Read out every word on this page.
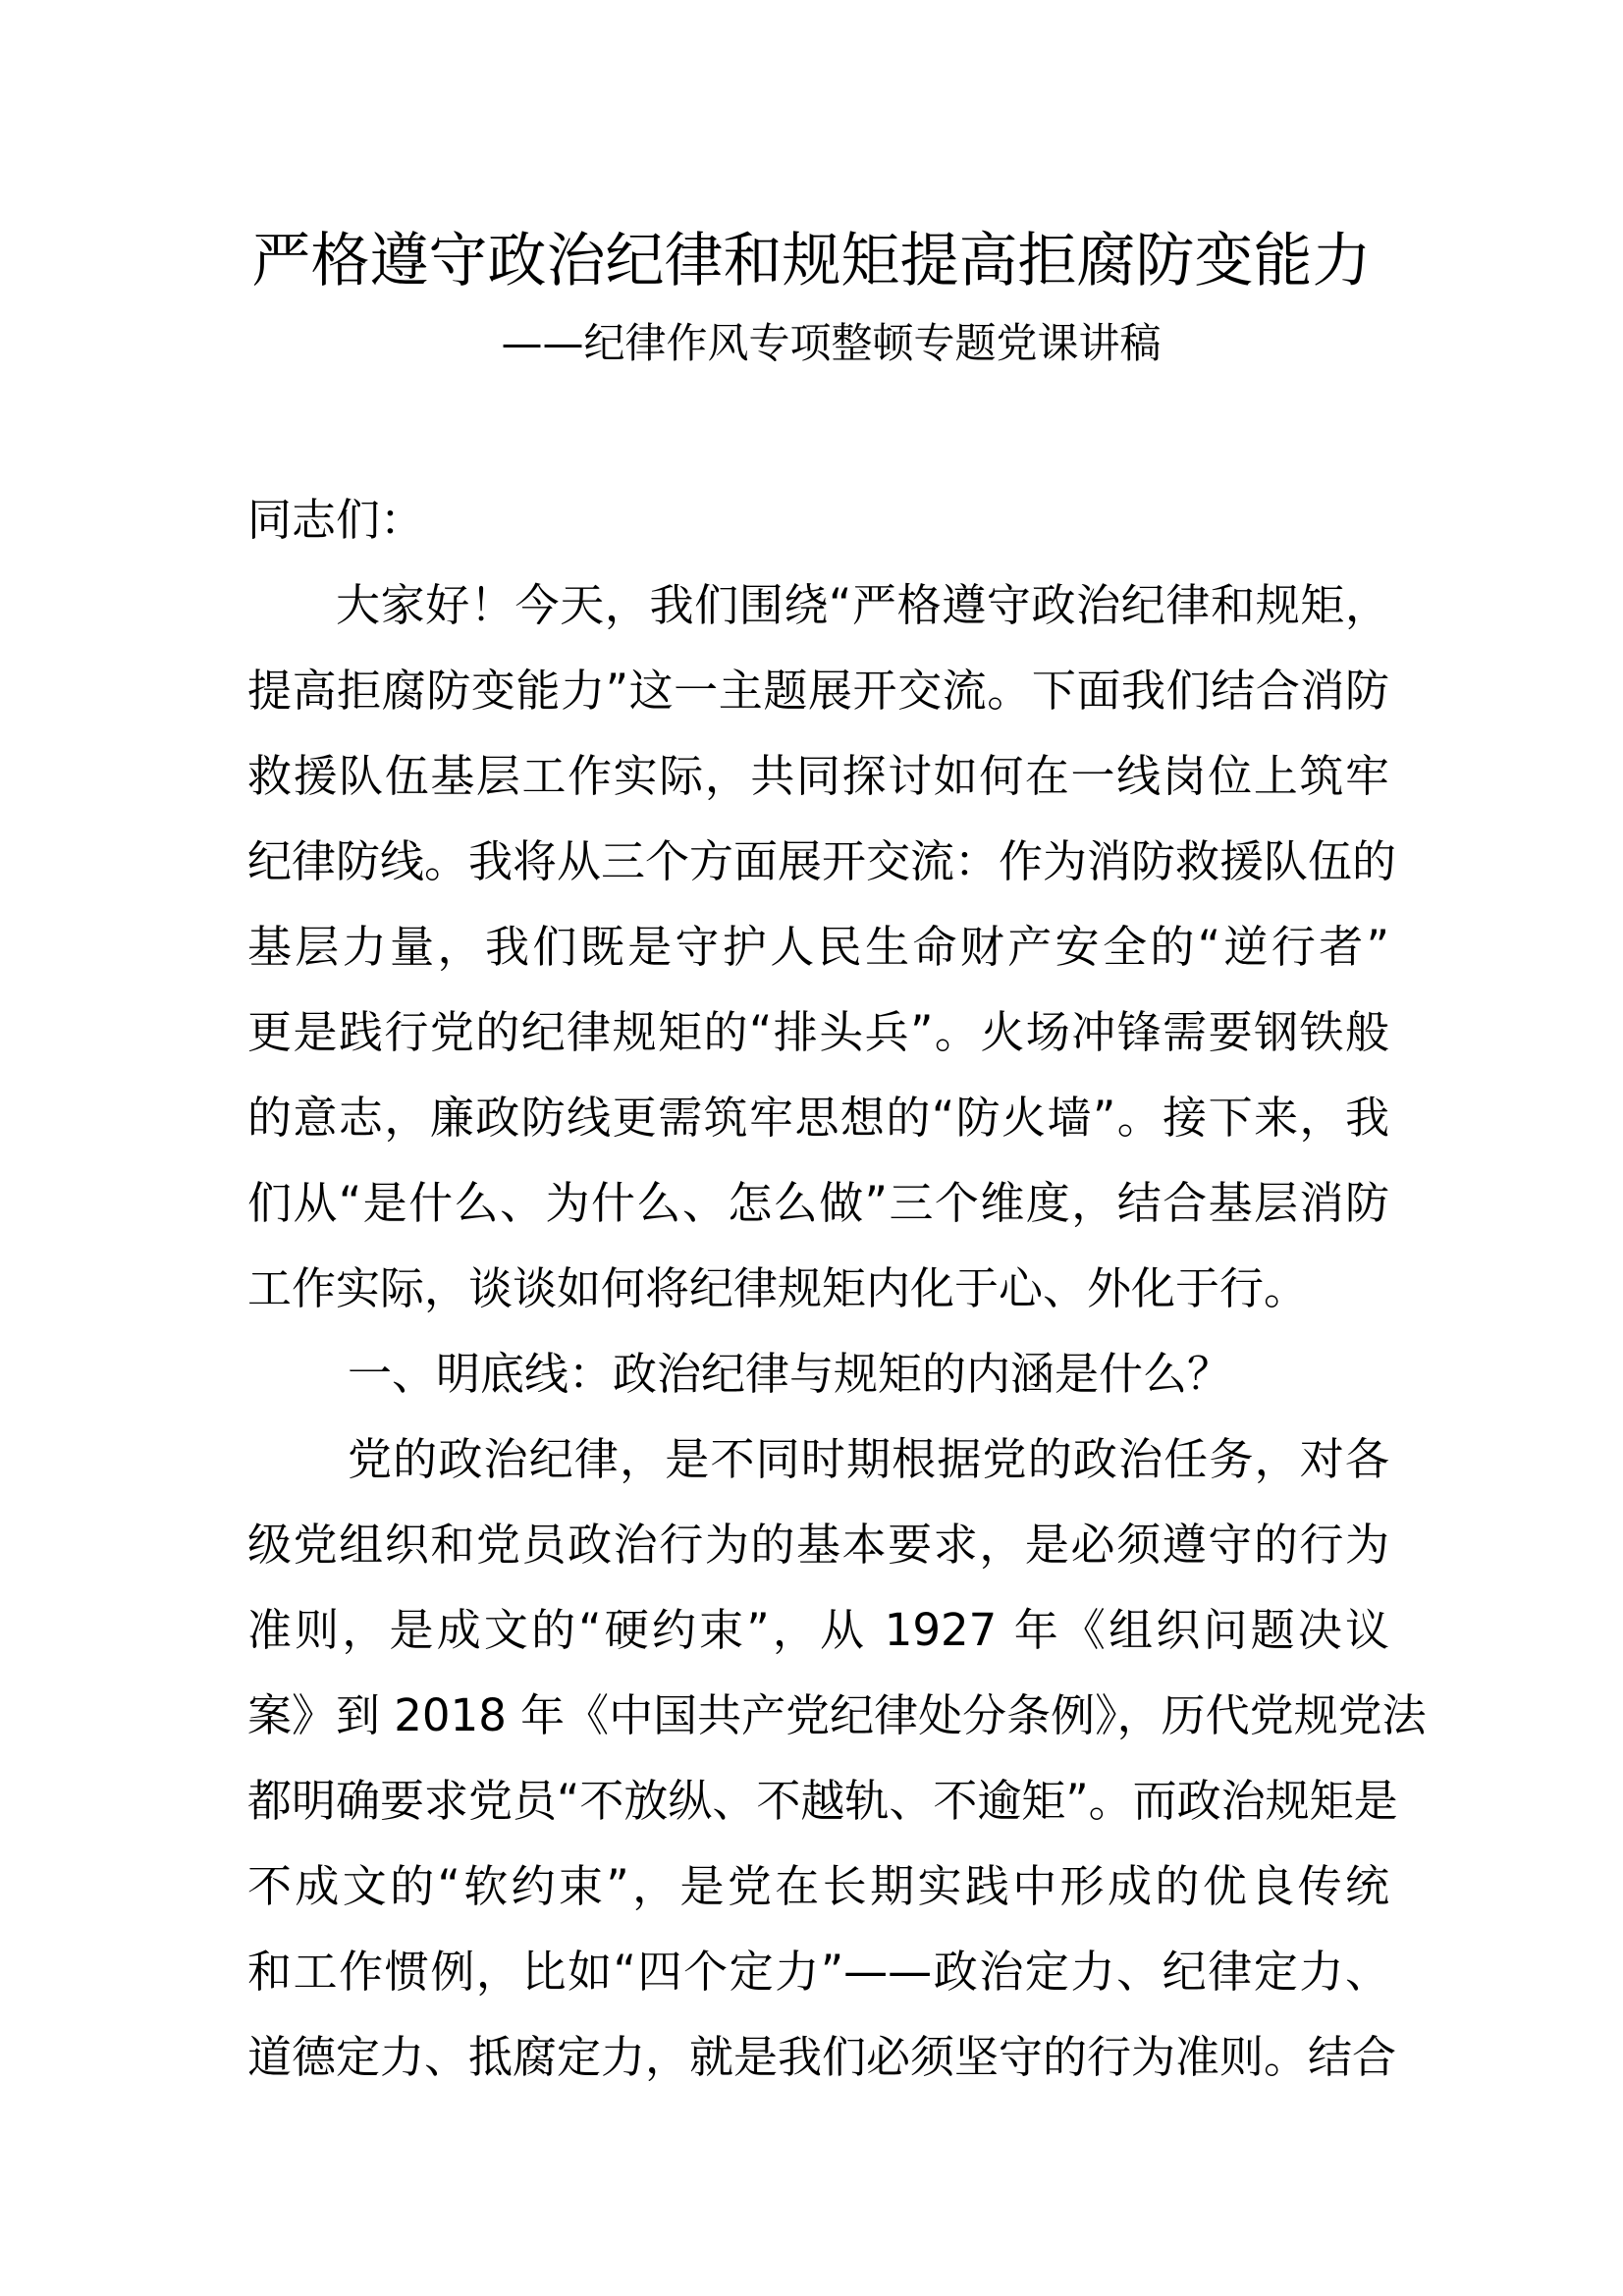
严格遵守政治纪律和规矩提高拒腐防变能力
——纪律作风专项整顿专题党课讲稿
同志们：
大家好！今天，我们围绕“严格遵守政治纪律和规矩，
提高拒腐防变能力”这一主题展开交流。下面我们结合消防
救援队伍基层工作实际，共同探讨如何在一线岗位上筑牢
纪律防线。我将从三个方面展开交流：作为消防救援队伍的
基层力量，我们既是守护人民生命财产安全的“逆行者”
更是践行党的纪律规矩的“排头兵”。火场冲锋需要钢铁般
的意志，廉政防线更需筑牢思想的“防火墙”。接下来，我
们从“是什么、为什么、怎么做”三个维度，结合基层消防
工作实际，谈谈如何将纪律规矩内化于心、外化于行。
一、明底线：政治纪律与规矩的内涵是什么？
党的政治纪律，是不同时期根据党的政治任务，对各
级党组织和党员政治行为的基本要求，是必须遵守的行为
准则，是成文的“硬约束”，从 1927 年《组织问题决议
案》到 2018 年《中国共产党纪律处分条例》，历代党规党法
都明确要求党员“不放纵、不越轨、不逾矩”。而政治规矩是
不成文的“软约束”，是党在长期实践中形成的优良传统
和工作惯例，比如“四个定力”——政治定力、纪律定力、
道德定力、抵腐定力，就是我们必须坚守的行为准则。结合
